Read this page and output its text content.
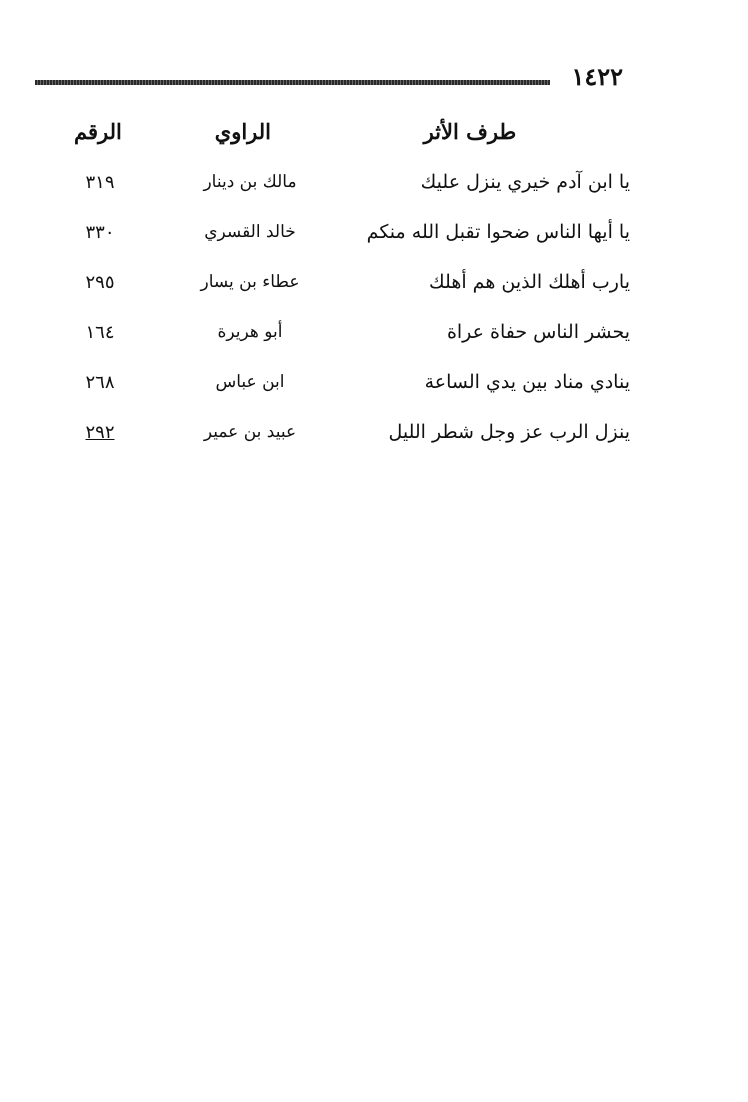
١٤٢٢
طرف الأثر
الراوي
الرقم
يا ابن آدم خيري ينزل عليك
مالك بن دينار
٣١٩
يا أيها الناس ضحوا تقبل الله منكم
خالد القسري
٣٣٠
يارب أهلك الذين هم أهلك
عطاء بن يسار
٢٩٥
يحشر الناس حفاة عراة
أبو هريرة
١٦٤
ينادي مناد بين يدي الساعة
ابن عباس
٢٦٨
ينزل الرب عز وجل شطر الليل
عبيد بن عمير
٢٩٢
